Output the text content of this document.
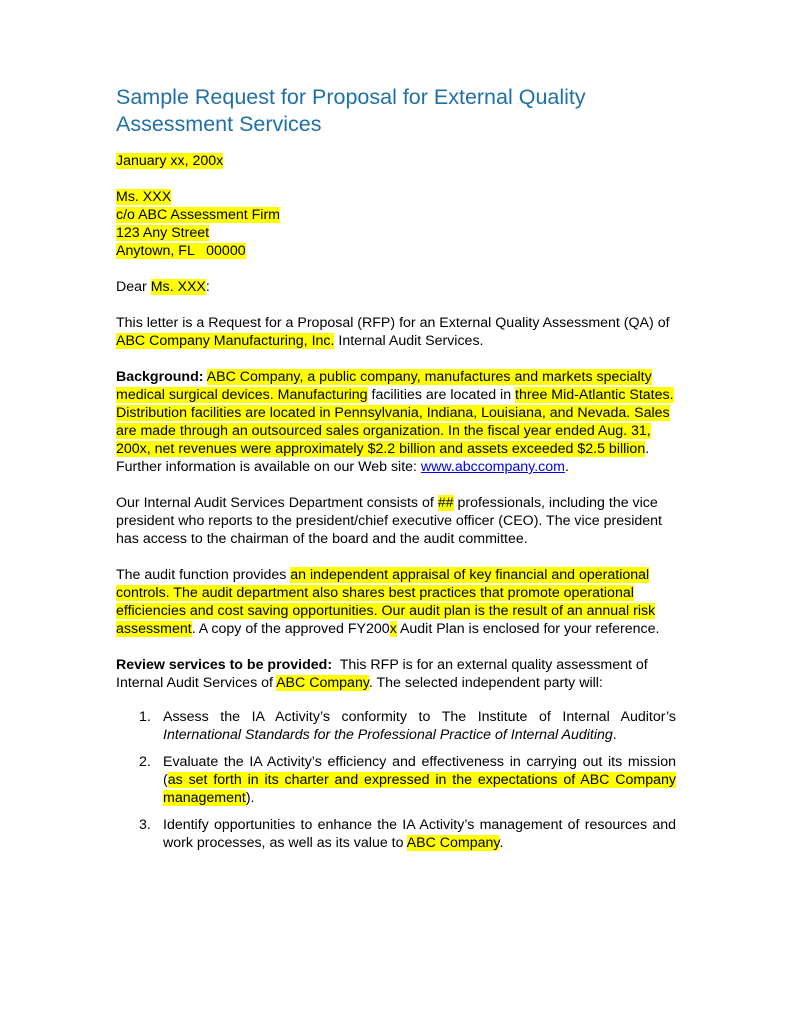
Sample Request for Proposal for External Quality
Assessment Services
January xx, 200x
Ms. XXX
c/o ABC Assessment Firm
123 Any Street
Anytown, FL   00000

Dear Ms. XXX:

This letter is a Request for a Proposal (RFP) for an External Quality Assessment (QA) of ABC Company Manufacturing, Inc. Internal Audit Services.

Background: ABC Company, a public company, manufactures and markets specialty medical surgical devices. Manufacturing facilities are located in three Mid-Atlantic States. Distribution facilities are located in Pennsylvania, Indiana, Louisiana, and Nevada. Sales are made through an outsourced sales organization. In the fiscal year ended Aug. 31, 200x, net revenues were approximately $2.2 billion and assets exceeded $2.5 billion. Further information is available on our Web site: www.abccompany.com.

Our Internal Audit Services Department consists of ## professionals, including the vice president who reports to the president/chief executive officer (CEO). The vice president has access to the chairman of the board and the audit committee.

The audit function provides an independent appraisal of key financial and operational controls. The audit department also shares best practices that promote operational efficiencies and cost saving opportunities. Our audit plan is the result of an annual risk assessment. A copy of the approved FY200x Audit Plan is enclosed for your reference.

Review services to be provided:  This RFP is for an external quality assessment of Internal Audit Services of ABC Company. The selected independent party will:

1. Assess the IA Activity’s conformity to The Institute of Internal Auditor’s International Standards for the Professional Practice of Internal Auditing.
2. Evaluate the IA Activity’s efficiency and effectiveness in carrying out its mission (as set forth in its charter and expressed in the expectations of ABC Company management).
3. Identify opportunities to enhance the IA Activity’s management of resources and work processes, as well as its value to ABC Company.
